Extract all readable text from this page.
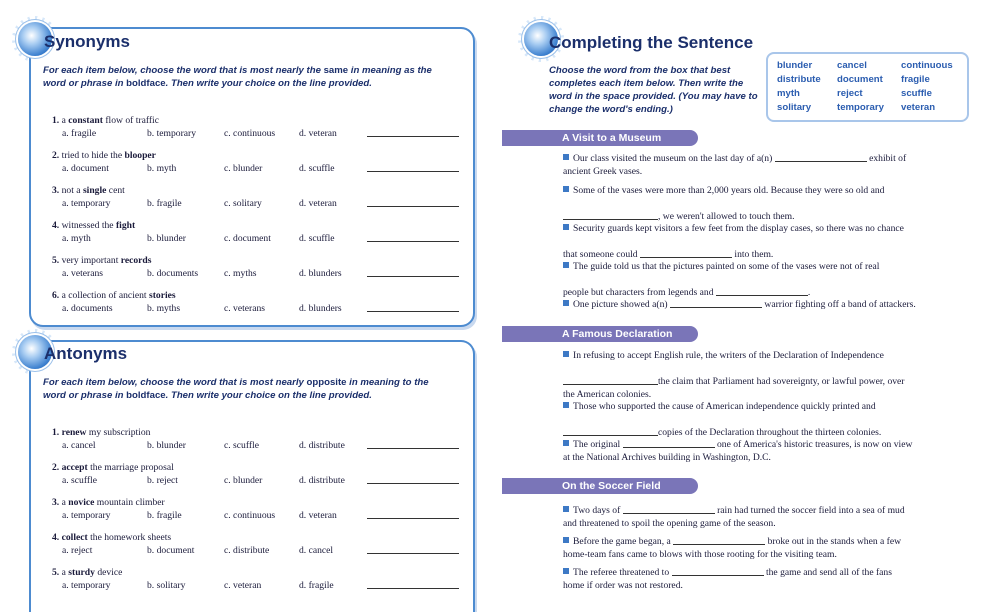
Synonyms
For each item below, choose the word that is most nearly the same in meaning as the word or phrase in boldface. Then write your choice on the line provided.
1. a constant flow of traffic
a. fragile	b. temporary	c. continuous d. veteran
2. tried to hide the blooper
a. document	b. myth	c. blunder	d. scuffle
3. not a single cent
a. temporary	b. fragile	c. solitary	d. veteran
4. witnessed the fight
a. myth	b. blunder	c. document	d. scuffle
5. very important records
a. veterans	b. documents	c. myths	d. blunders
6. a collection of ancient stories
a. documents	b. myths	c. veterans	d. blunders
Antonyms
For each item below, choose the word that is most nearly opposite in meaning to the word or phrase in boldface. Then write your choice on the line provided.
1. renew my subscription
a. cancel	b. blunder	c. scuffle	d. distribute
2. accept the marriage proposal
a. scuffle	b. reject	c. blunder	d. distribute
3. a novice mountain climber
a. temporary	b. fragile	c. continuous d. veteran
4. collect the homework sheets
a. reject	b. document	c. distribute	d. cancel
5. a sturdy device
a. temporary	b. solitary	c. veteran	d. fragile
Completing the Sentence
Choose the word from the box that best completes each item below. Then write the word in the space provided. (You may have to change the word's ending.)
blunder	cancel	continuous
distribute document fragile
myth	reject	scuffle
solitary	temporary veteran
A Visit to a Museum
Our class visited the museum on the last day of a(n)	exhibit of
ancient Greek vases.
Some of the vases were more than 2,000 years old. Because they were so old and

, we weren't allowed to touch them.
Security guards kept visitors a few feet from the display cases, so there was no chance

that someone could	into them.
The guide told us that the pictures painted on some of the vases were not of real

people but characters from legends and	.
One picture showed a(n)	warrior fighting off a band of attackers.
A Famous Declaration
In refusing to accept English rule, the writers of the Declaration of Independence

the claim that Parliament had sovereignty, or lawful power, over
the American colonies.
Those who supported the cause of American independence quickly printed and

copies of the Declaration throughout the thirteen colonies.
The original	one of America's historic treasures, is now on view
at the National Archives building in Washington, D.C.
On the Soccer Field
Two days of	rain had turned the soccer field into a sea of mud
and threatened to spoil the opening game of the season.
Before the game began, a	broke out in the stands when a few
home-team fans came to blows with those rooting for the visiting team.
The referee threatened to	the game and send all of the fans
home if order was not restored.
